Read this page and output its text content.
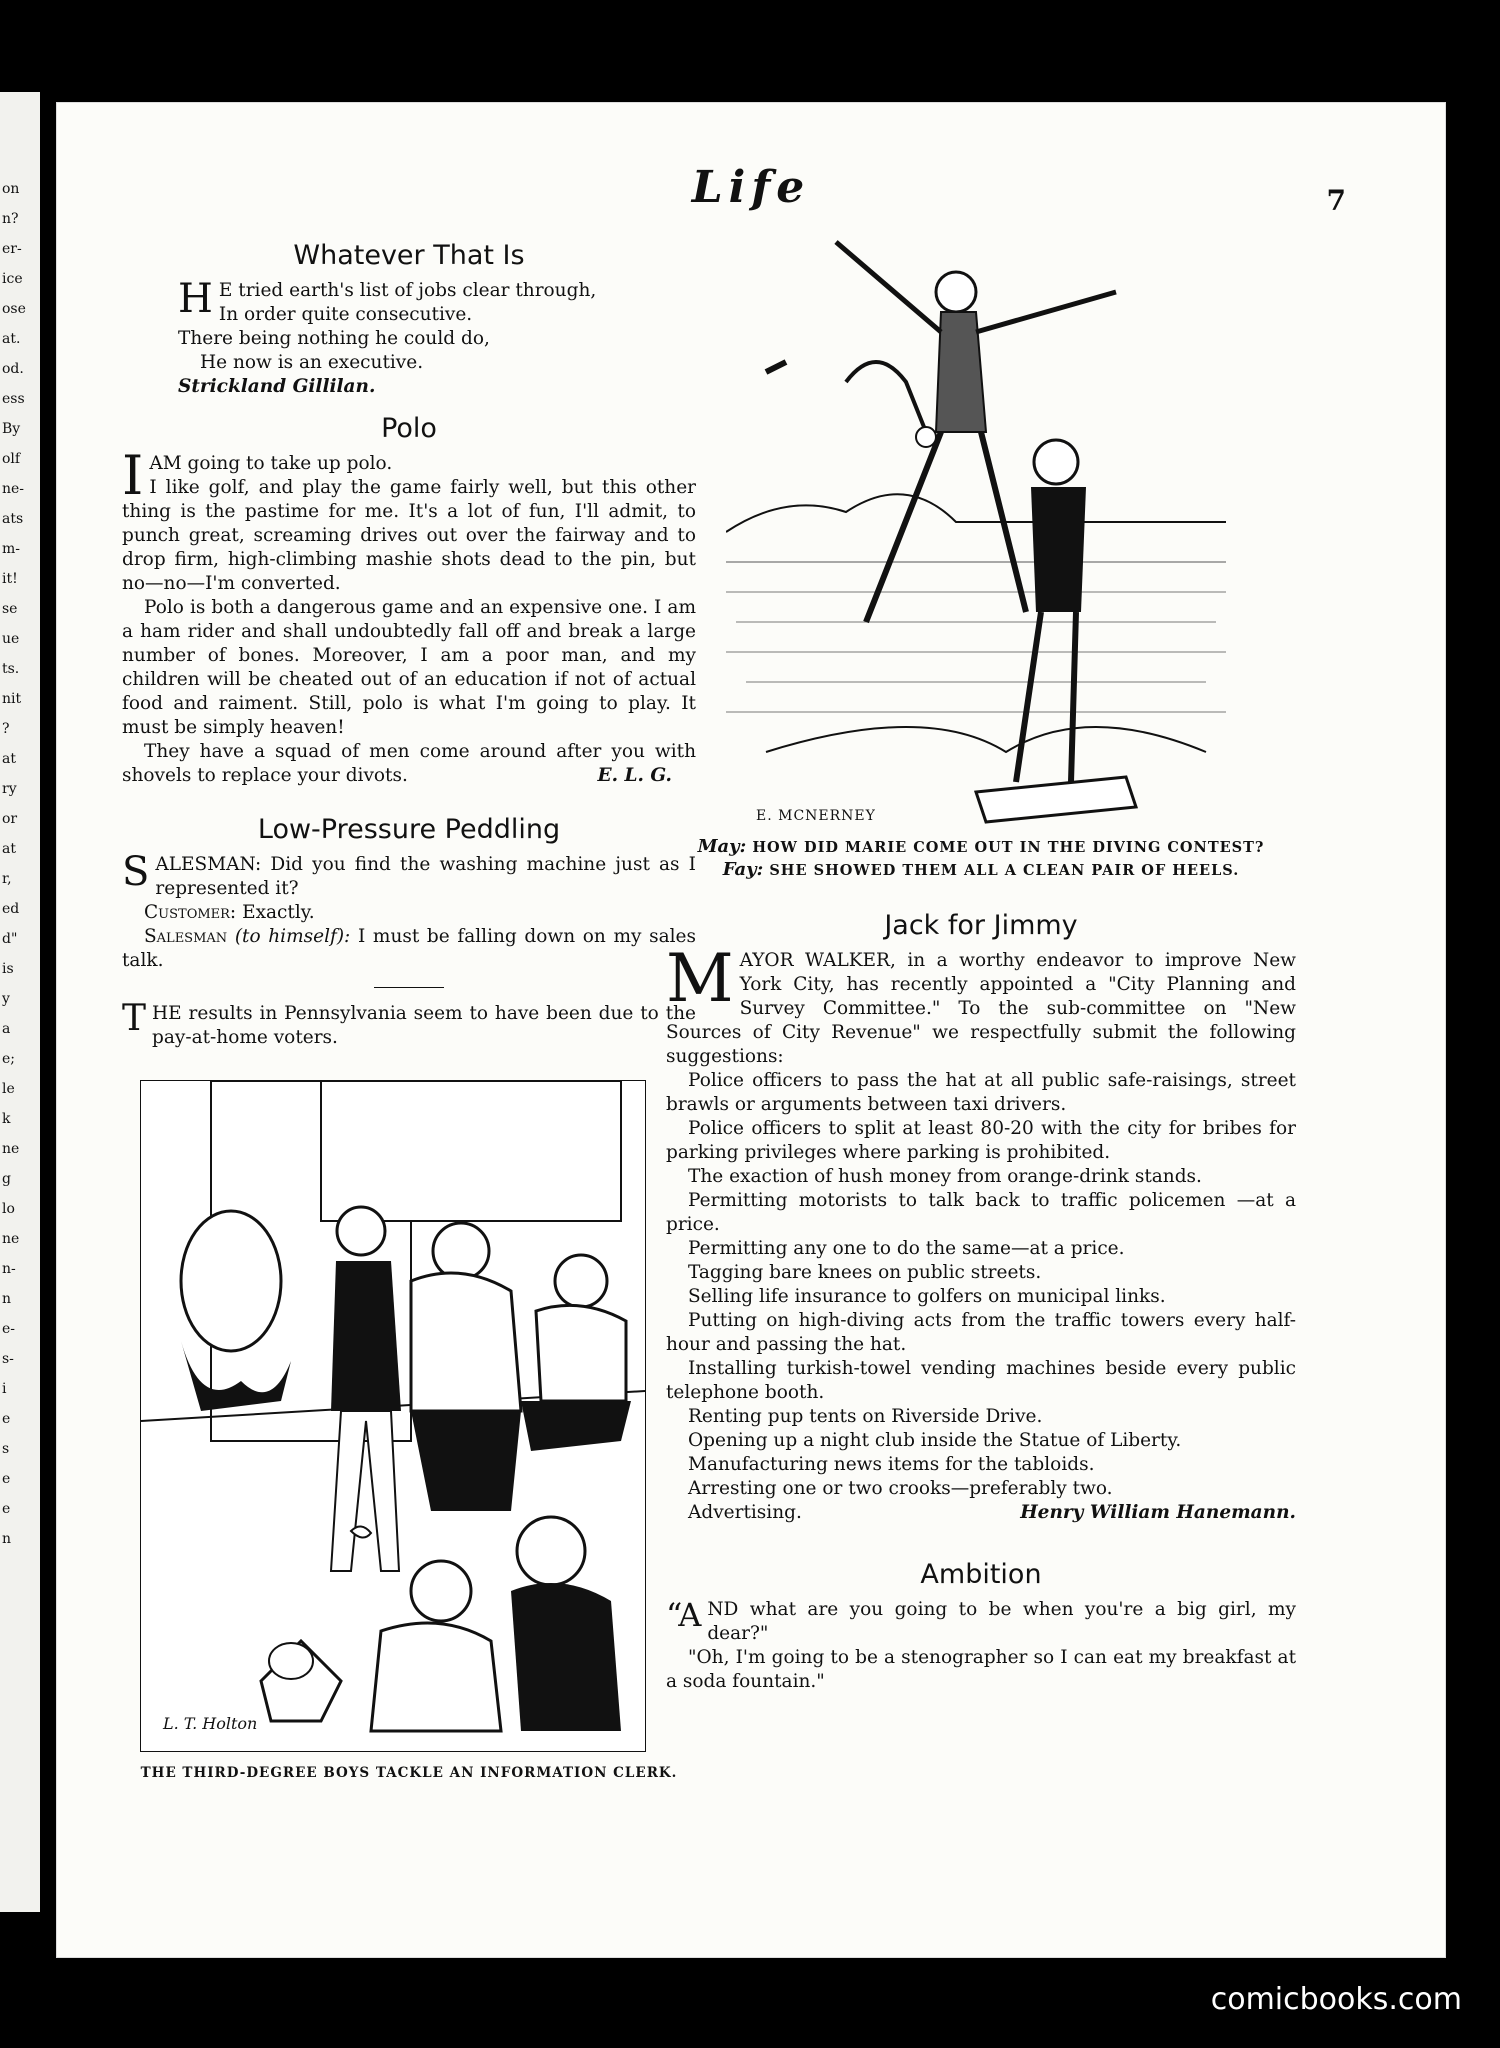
on
n?
er-
ice
ose
at.
od.
ess
By
olf
ne-
ats
m-
it!
se
ue
ts.
nit
?
at
ry
or
at
r,
ed
d"
is
y
a
e;
le
k
ne
g
lo
ne
n-
n
e-
s-
i
e
s
e
e
n
Life	7
Whatever That Is

H E tried earth's list of jobs clear through,

In order quite consecutive.

There being nothing he could do,

He now is an executive.

Strickland Gillilan.

Polo

IAM going to take up polo.

I like golf, and play the game fairly well, but this other thing is the pastime for me. It's a lot of fun, I'll admit, to punch great, screaming drives out over the fairway and to drop firm, high-climbing mashie shots dead to the pin, but no—no—I'm converted.

Polo is both a dangerous game and an expensive one. I am a ham rider and shall undoubtedly fall off and break a large number of bones. Moreover, I am a poor man, and my children will be cheated out of an education if not of actual food and raiment. Still, polo is what I'm going to play. It must be simply heaven!

They have a squad of men come around after you with shovels to replace your divots.	E. L. G.

Low-Pressure Peddling

SALESMAN: Did you find the washing machine just as I represented it?

Customer: Exactly.

Salesman (to himself): I must be falling down on my sales talk.

THE results in Pennsylvania seem to have been due to the pay-at-home voters.

L. T. Holton
THE THIRD-DEGREE BOYS TACKLE AN INFORMATION CLERK.
E. MCNERNEY
May: HOW DID MARIE COME OUT IN THE DIVING CONTEST?
Fay: SHE SHOWED THEM ALL A CLEAN PAIR OF HEELS.
Jack for Jimmy

MAYOR WALKER, in a worthy endeavor to improve New York City, has recently appointed a "City Planning and Survey Committee." To the sub-committee on "New Sources of City Revenue" we respectfully submit the following suggestions:

Police officers to pass the hat at all public safe-raisings, street brawls or arguments between taxi drivers.

Police officers to split at least 80-20 with the city for bribes for parking privileges where parking is prohibited.

The exaction of hush money from orange-drink stands.

Permitting motorists to talk back to traffic policemen —at a price.

Permitting any one to do the same—at a price.

Tagging bare knees on public streets.

Selling life insurance to golfers on municipal links.

Putting on high-diving acts from the traffic towers every half-hour and passing the hat.

Installing turkish-towel vending machines beside every public telephone booth.

Renting pup tents on Riverside Drive.

Opening up a night club inside the Statue of Liberty.

Manufacturing news items for the tabloids.

Arresting one or two crooks—preferably two.

Advertising.	Henry William Hanemann.

Ambition

“AND what are you going to be when you're a big girl, my dear?"

"Oh, I'm going to be a stenographer so I can eat my breakfast at a soda fountain."

comicbooks.com
